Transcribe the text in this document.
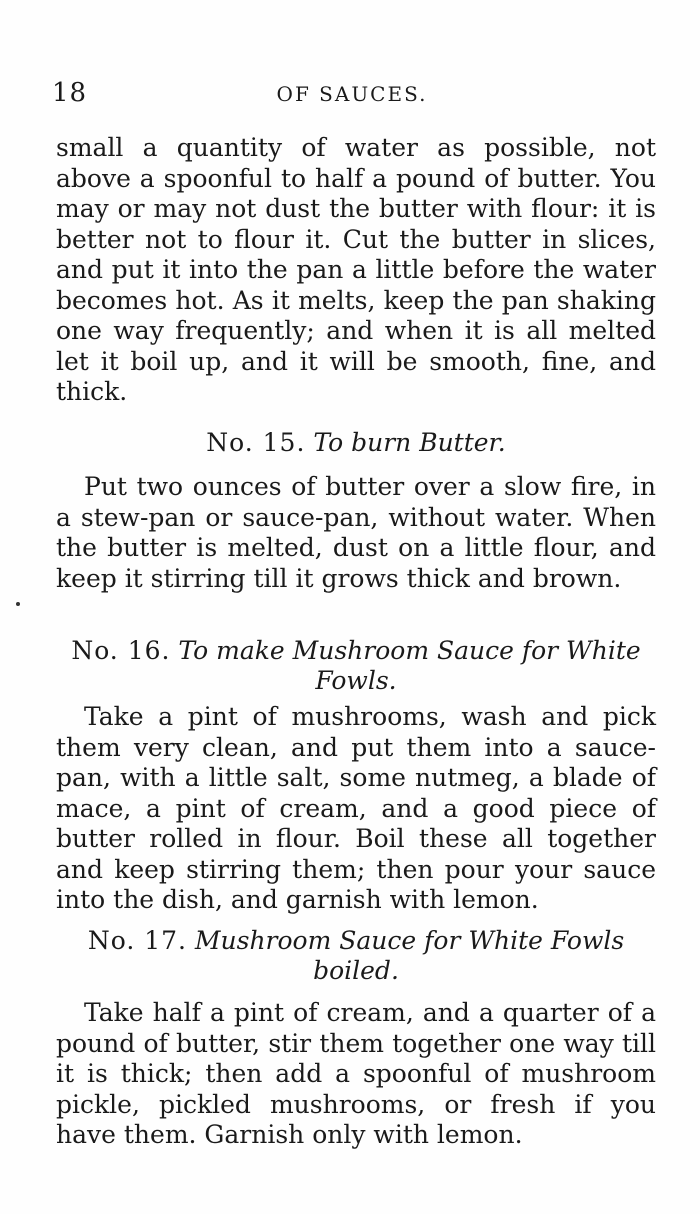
18	OF SAUCES.

small a quantity of water as possible, not above a spoonful to half a pound of butter. You may or may not dust the butter with flour: it is better not to flour it. Cut the butter in slices, and put it into the pan a little before the water becomes hot. As it melts, keep the pan shaking one way frequently; and when it is all melted let it boil up, and it will be smooth, fine, and thick.

No. 15. To burn Butter.

Put two ounces of butter over a slow fire, in a stew-pan or sauce-pan, without water. When the butter is melted, dust on a little flour, and keep it stirring till it grows thick and brown.

No. 16. To make Mushroom Sauce for White Fowls.

Take a pint of mushrooms, wash and pick them very clean, and put them into a sauce-pan, with a little salt, some nutmeg, a blade of mace, a pint of cream, and a good piece of butter rolled in flour. Boil these all together and keep stirring them; then pour your sauce into the dish, and garnish with lemon.

No. 17. Mushroom Sauce for White Fowls boiled.

Take half a pint of cream, and a quarter of a pound of butter, stir them together one way till it is thick; then add a spoonful of mushroom pickle, pickled mushrooms, or fresh if you have them. Garnish only with lemon.
